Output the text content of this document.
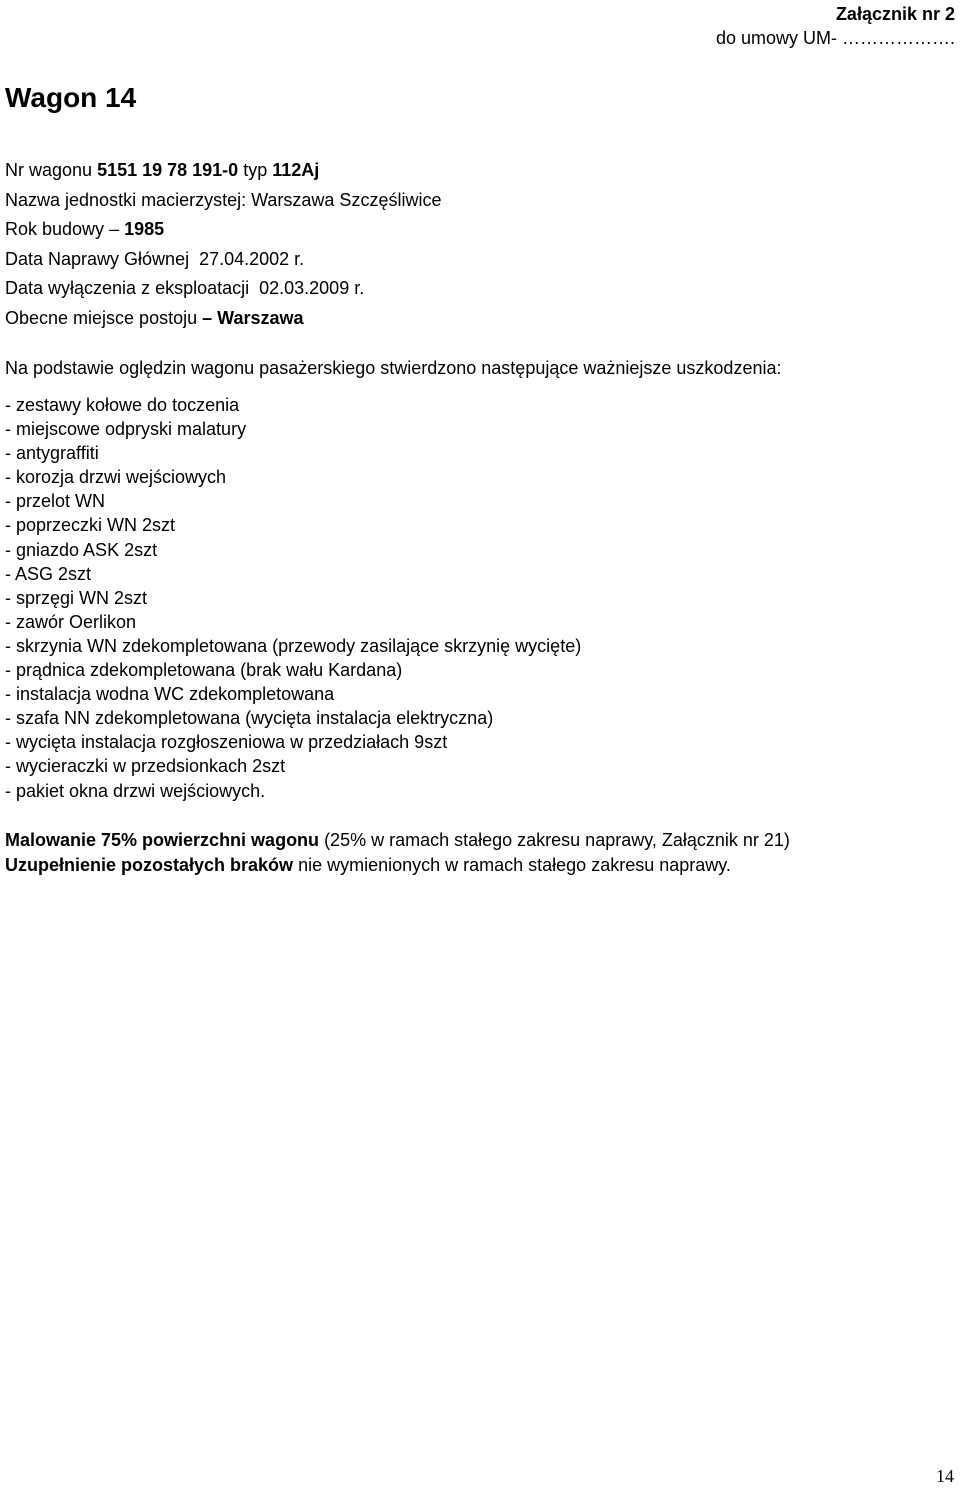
Załącznik nr 2
do umowy UM- ……………….
Wagon 14
Nr wagonu 5151 19 78 191-0 typ 112Aj
Nazwa jednostki macierzystej: Warszawa Szczęśliwice
Rok budowy – 1985
Data Naprawy Głównej  27.04.2002 r.
Data wyłączenia z eksploatacji  02.03.2009 r.
Obecne miejsce postoju – Warszawa
Na podstawie oględzin wagonu pasażerskiego stwierdzono następujące ważniejsze uszkodzenia:
- zestawy kołowe do toczenia
- miejscowe odpryski malatury
- antygraffiti
- korozja drzwi wejściowych
- przelot WN
- poprzeczki WN 2szt
- gniazdo ASK 2szt
- ASG 2szt
- sprzęgi WN 2szt
- zawór Oerlikon
- skrzynia WN zdekompletowana (przewody zasilające skrzynię wycięte)
- prądnica zdekompletowana (brak wału Kardana)
- instalacja wodna WC zdekompletowana
- szafa NN zdekompletowana (wycięta instalacja elektryczna)
- wycięta instalacja rozgłoszeniowa w przedziałach 9szt
- wycieraczki w przedsionkach 2szt
- pakiet okna drzwi wejściowych.
Malowanie 75% powierzchni wagonu (25% w ramach stałego zakresu naprawy, Załącznik nr 21)
Uzupełnienie pozostałych braków nie wymienionych w ramach stałego zakresu naprawy.
14
